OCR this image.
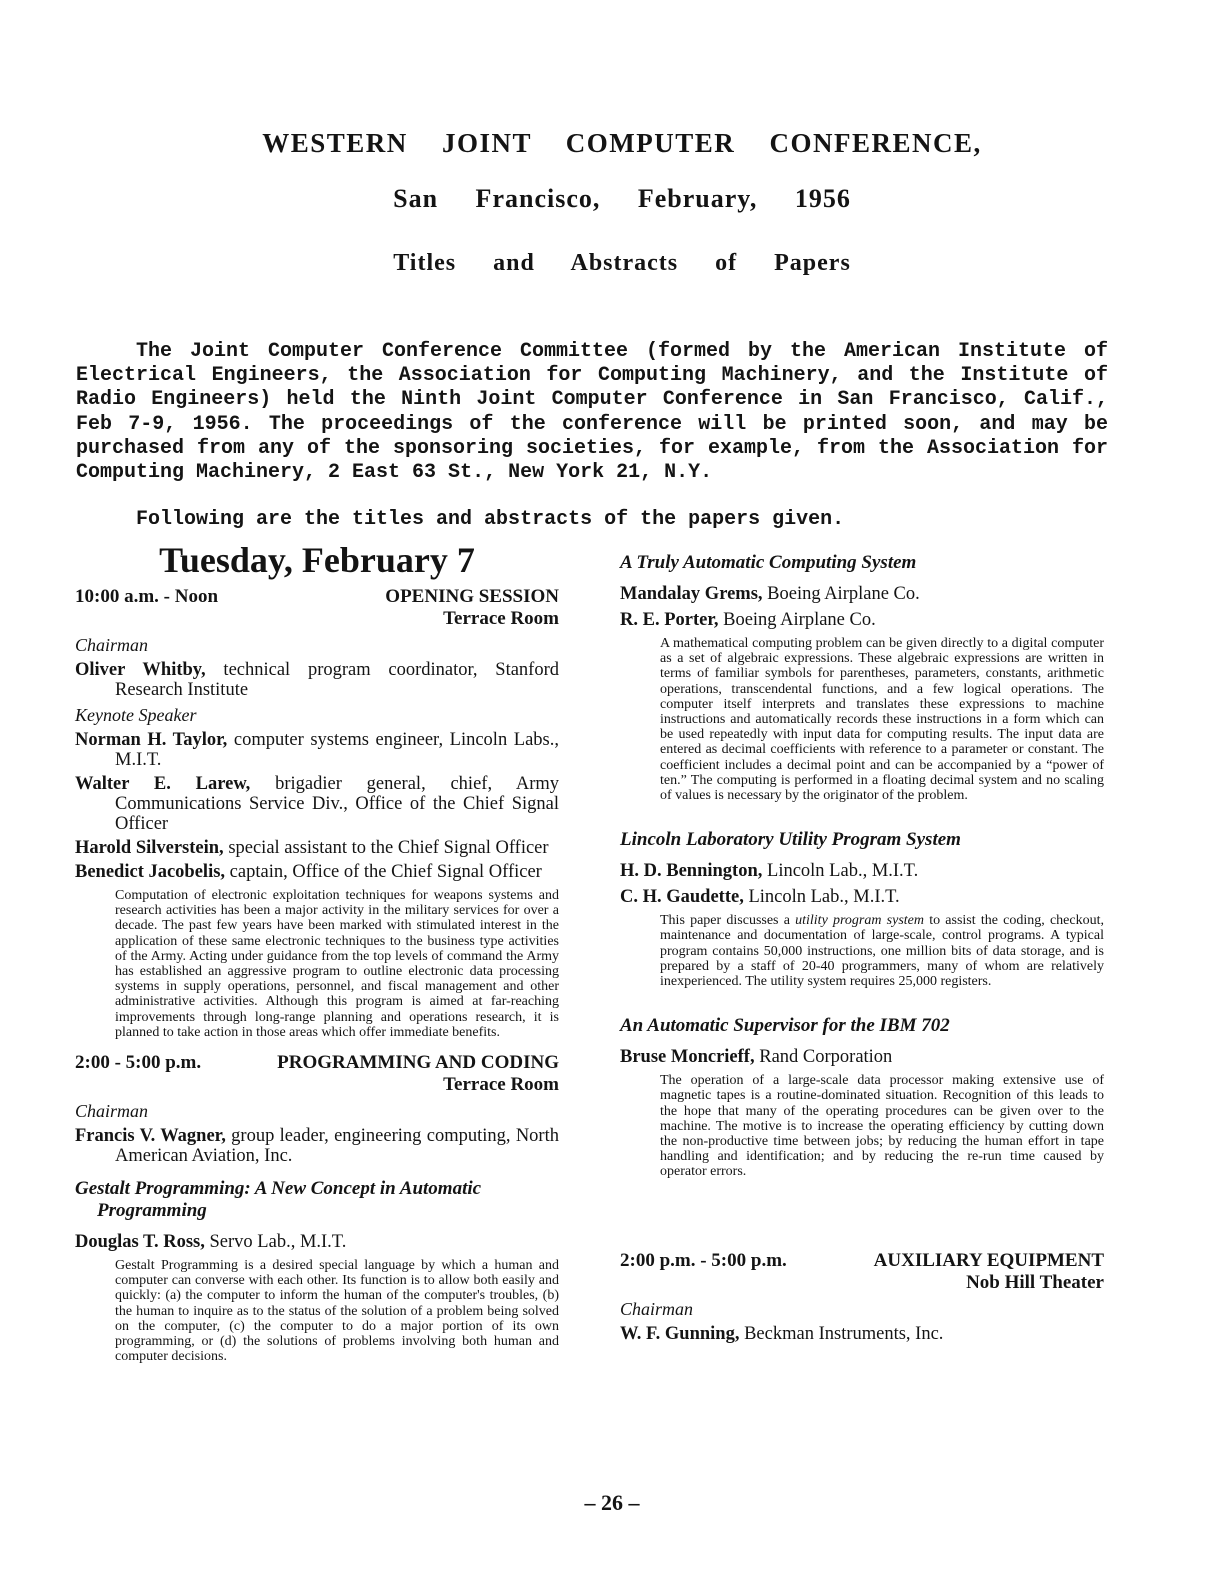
WESTERN JOINT COMPUTER CONFERENCE,
San Francisco, February, 1956
Titles and Abstracts of Papers
The Joint Computer Conference Committee (formed by the American Institute of Electrical Engineers, the Association for Computing Machinery, and the Institute of Radio Engineers) held the Ninth Joint Computer Conference in San Francisco, Calif., Feb 7-9, 1956. The proceedings of the conference will be printed soon, and may be purchased from any of the sponsoring societies, for example, from the Association for Computing Machinery, 2 East 63 St., New York 21, N.Y.
Following are the titles and abstracts of the papers given.
Tuesday, February 7
10:00 a.m. - Noon	OPENING SESSION
Terrace Room
Chairman
Oliver Whitby, technical program coordinator, Stanford Research Institute
Keynote Speaker
Norman H. Taylor, computer systems engineer, Lincoln Labs., M.I.T.
Walter E. Larew, brigadier general, chief, Army Communications Service Div., Office of the Chief Signal Officer
Harold Silverstein, special assistant to the Chief Signal Officer
Benedict Jacobelis, captain, Office of the Chief Signal Officer
Computation of electronic exploitation techniques for weapons systems and research activities has been a major activity in the military services for over a decade. The past few years have been marked with stimulated interest in the application of these same electronic techniques to the business type activities of the Army. Acting under guidance from the top levels of command the Army has established an aggressive program to outline electronic data processing systems in supply operations, personnel, and fiscal management and other administrative activities. Although this program is aimed at far-reaching improvements through long-range planning and operations research, it is planned to take action in those areas which offer immediate benefits.
2:00 - 5:00 p.m.	PROGRAMMING AND CODING
Terrace Room
Chairman
Francis V. Wagner, group leader, engineering computing, North American Aviation, Inc.
Gestalt Programming: A New Concept in Automatic Programming
Douglas T. Ross, Servo Lab., M.I.T.
Gestalt Programming is a desired special language by which a human and computer can converse with each other. Its function is to allow both easily and quickly: (a) the computer to inform the human of the computer's troubles, (b) the human to inquire as to the status of the solution of a problem being solved on the computer, (c) the computer to do a major portion of its own programming, or (d) the solutions of problems involving both human and computer decisions.
A Truly Automatic Computing System
Mandalay Grems, Boeing Airplane Co.
R. E. Porter, Boeing Airplane Co.
A mathematical computing problem can be given directly to a digital computer as a set of algebraic expressions. These algebraic expressions are written in terms of familiar symbols for parentheses, parameters, constants, arithmetic operations, transcendental functions, and a few logical operations. The computer itself interprets and translates these expressions to machine instructions and automatically records these instructions in a form which can be used repeatedly with input data for computing results. The input data are entered as decimal coefficients with reference to a parameter or constant. The coefficient includes a decimal point and can be accompanied by a “power of ten.” The computing is performed in a floating decimal system and no scaling of values is necessary by the originator of the problem.
Lincoln Laboratory Utility Program System
H. D. Bennington, Lincoln Lab., M.I.T.
C. H. Gaudette, Lincoln Lab., M.I.T.
This paper discusses a utility program system to assist the coding, checkout, maintenance and documentation of large-scale, control programs. A typical program contains 50,000 instructions, one million bits of data storage, and is prepared by a staff of 20-40 programmers, many of whom are relatively inexperienced. The utility system requires 25,000 registers.
An Automatic Supervisor for the IBM 702
Bruse Moncrieff, Rand Corporation
The operation of a large-scale data processor making extensive use of magnetic tapes is a routine-dominated situation. Recognition of this leads to the hope that many of the operating procedures can be given over to the machine. The motive is to increase the operating efficiency by cutting down the non-productive time between jobs; by reducing the human effort in tape handling and identification; and by reducing the re-run time caused by operator errors.
2:00 p.m. - 5:00 p.m.	AUXILIARY EQUIPMENT
Nob Hill Theater
Chairman
W. F. Gunning, Beckman Instruments, Inc.
– 26 –
